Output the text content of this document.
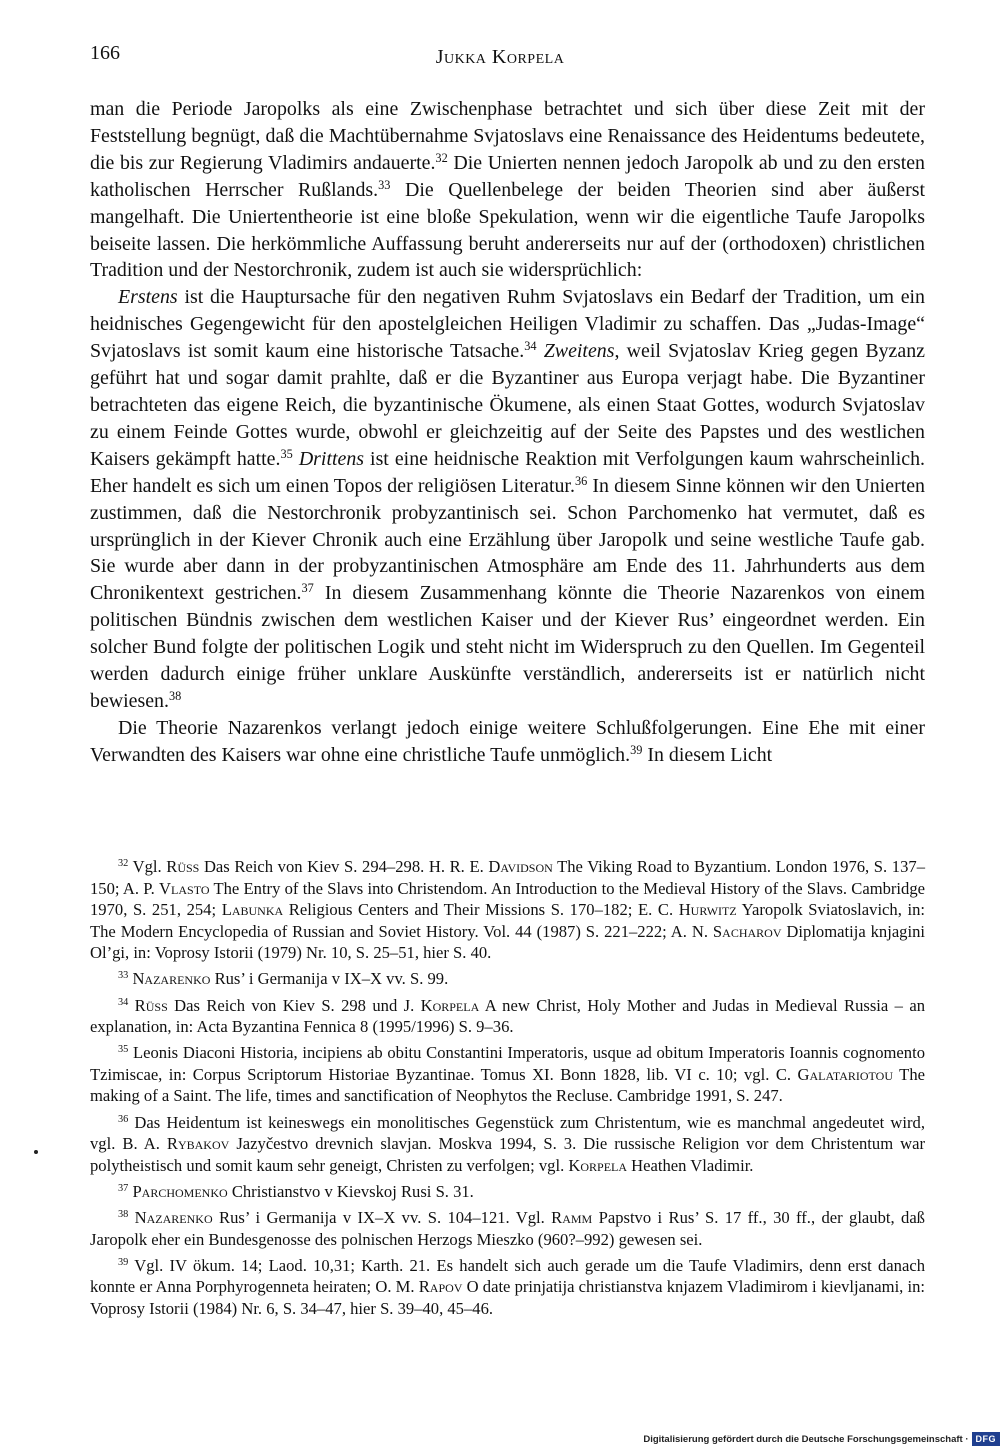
166	Jukka Korpela

man die Periode Jaropolks als eine Zwischenphase betrachtet und sich über diese Zeit mit der Feststellung begnügt, daß die Machtübernahme Svjatoslavs eine Renaissance des Heidentums bedeutete, die bis zur Regierung Vladimirs andauerte.$^{32}$ Die Unierten nennen jedoch Jaropolk ab und zu den ersten katholischen Herrscher Rußlands.$^{33}$ Die Quellenbelege der beiden Theorien sind aber äußerst mangelhaft. Die Uniertentheorie ist eine bloße Spekulation, wenn wir die eigentliche Taufe Jaropolks beiseite lassen. Die herkömmliche Auffassung beruht andererseits nur auf der (orthodoxen) christlichen Tradition und der Nestorchronik, zudem ist auch sie widersprüchlich:

Erstens ist die Hauptursache für den negativen Ruhm Svjatoslavs ein Bedarf der Tradition, um ein heidnisches Gegengewicht für den apostelgleichen Heiligen Vladimir zu schaffen. Das „Judas-Image“ Svjatoslavs ist somit kaum eine historische Tatsache.$^{34}$ Zweitens, weil Svjatoslav Krieg gegen Byzanz geführt hat und sogar damit prahlte, daß er die Byzantiner aus Europa verjagt habe. Die Byzantiner betrachteten das eigene Reich, die byzantinische Ökumene, als einen Staat Gottes, wodurch Svjatoslav zu einem Feinde Gottes wurde, obwohl er gleichzeitig auf der Seite des Papstes und des westlichen Kaisers gekämpft hatte.$^{35}$ Drittens ist eine heidnische Reaktion mit Verfolgungen kaum wahrscheinlich. Eher handelt es sich um einen Topos der religiösen Literatur.$^{36}$ In diesem Sinne können wir den Unierten zustimmen, daß die Nestorchronik probyzantinisch sei. Schon Parchomenko hat vermutet, daß es ursprünglich in der Kiever Chronik auch eine Erzählung über Jaropolk und seine westliche Taufe gab. Sie wurde aber dann in der probyzantinischen Atmosphäre am Ende des 11. Jahrhunderts aus dem Chronikentext gestrichen.$^{37}$ In diesem Zusammenhang könnte die Theorie Nazarenkos von einem politischen Bündnis zwischen dem westlichen Kaiser und der Kiever Rus’ eingeordnet werden. Ein solcher Bund folgte der politischen Logik und steht nicht im Widerspruch zu den Quellen. Im Gegenteil werden dadurch einige früher unklare Auskünfte verständlich, andererseits ist er natürlich nicht bewiesen.$^{38}$

Die Theorie Nazarenkos verlangt jedoch einige weitere Schlußfolgerungen. Eine Ehe mit einer Verwandten des Kaisers war ohne eine christliche Taufe unmöglich.$^{39}$ In diesem Licht

$^{32}$ Vgl. Rüss Das Reich von Kiev S. 294–298. H. R. E. Davidson The Viking Road to Byzantium. London 1976, S. 137–150; A. P. Vlasto The Entry of the Slavs into Christendom. An Introduction to the Medieval History of the Slavs. Cambridge 1970, S. 251, 254; Labunka Religious Centers and Their Missions S. 170–182; E. C. Hurwitz Yaropolk Sviatoslavich, in: The Modern Encyclopedia of Russian and Soviet History. Vol. 44 (1987) S. 221–222; A. N. Sacharov Diplomatija knjagini Ol’gi, in: Voprosy Istorii (1979) Nr. 10, S. 25–51, hier S. 40.

$^{33}$ Nazarenko Rus’ i Germanija v IX–X vv. S. 99.

$^{34}$ Rüss Das Reich von Kiev S. 298 und J. Korpela A new Christ, Holy Mother and Judas in Medieval Russia – an explanation, in: Acta Byzantina Fennica 8 (1995/1996) S. 9–36.

$^{35}$ Leonis Diaconi Historia, incipiens ab obitu Constantini Imperatoris, usque ad obitum Imperatoris Ioannis cognomento Tzimiscae, in: Corpus Scriptorum Historiae Byzantinae. Tomus XI. Bonn 1828, lib. VI c. 10; vgl. C. Galatariotou The making of a Saint. The life, times and sanctification of Neophytos the Recluse. Cambridge 1991, S. 247.

$^{36}$ Das Heidentum ist keineswegs ein monolitisches Gegenstück zum Christentum, wie es manchmal angedeutet wird, vgl. B. A. Rybakov Jazyčestvo drevnich slavjan. Moskva 1994, S. 3. Die russische Religion vor dem Christentum war polytheistisch und somit kaum sehr geneigt, Christen zu verfolgen; vgl. Korpela Heathen Vladimir.

$^{37}$ Parchomenko Christianstvo v Kievskoj Rusi S. 31.

$^{38}$ Nazarenko Rus’ i Germanija v IX–X vv. S. 104–121. Vgl. Ramm Papstvo i Rus’ S. 17 ff., 30 ff., der glaubt, daß Jaropolk eher ein Bundesgenosse des polnischen Herzogs Mieszko (960?–992) gewesen sei.

$^{39}$ Vgl. IV ökum. 14; Laod. 10,31; Karth. 21. Es handelt sich auch gerade um die Taufe Vladimirs, denn erst danach konnte er Anna Porphyrogenneta heiraten; O. M. Rapov O date prinjatija christianstva knjazem Vladimirom i kievljanami, in: Voprosy Istorii (1984) Nr. 6, S. 34–47, hier S. 39–40, 45–46.

Digitalisierung gefördert durch die Deutsche Forschungsgemeinschaft · DFG
